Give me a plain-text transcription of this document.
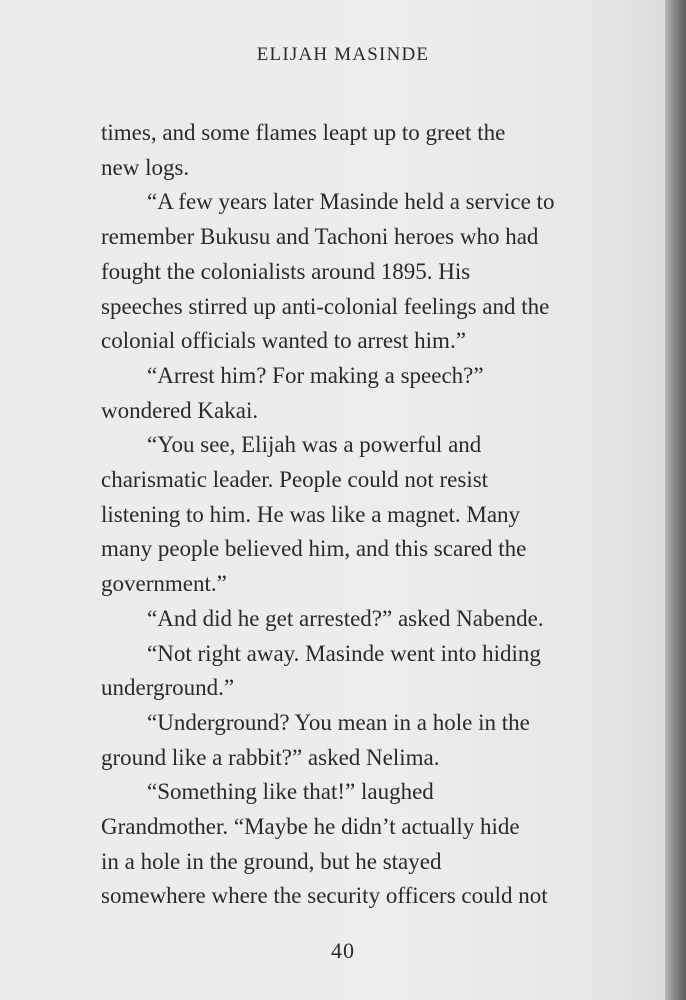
ELIJAH MASINDE
times, and some flames leapt up to greet the
new logs.
“A few years later Masinde held a service to
remember Bukusu and Tachoni heroes who had
fought the colonialists around 1895. His
speeches stirred up anti-colonial feelings and the
colonial officials wanted to arrest him.”
“Arrest him? For making a speech?”
wondered Kakai.
“You see, Elijah was a powerful and
charismatic leader. People could not resist
listening to him. He was like a magnet. Many
many people believed him, and this scared the
government.”
“And did he get arrested?” asked Nabende.
“Not right away. Masinde went into hiding
underground.”
“Underground? You mean in a hole in the
ground like a rabbit?” asked Nelima.
“Something like that!” laughed
Grandmother. “Maybe he didn’t actually hide
in a hole in the ground, but he stayed
somewhere where the security officers could not
40
